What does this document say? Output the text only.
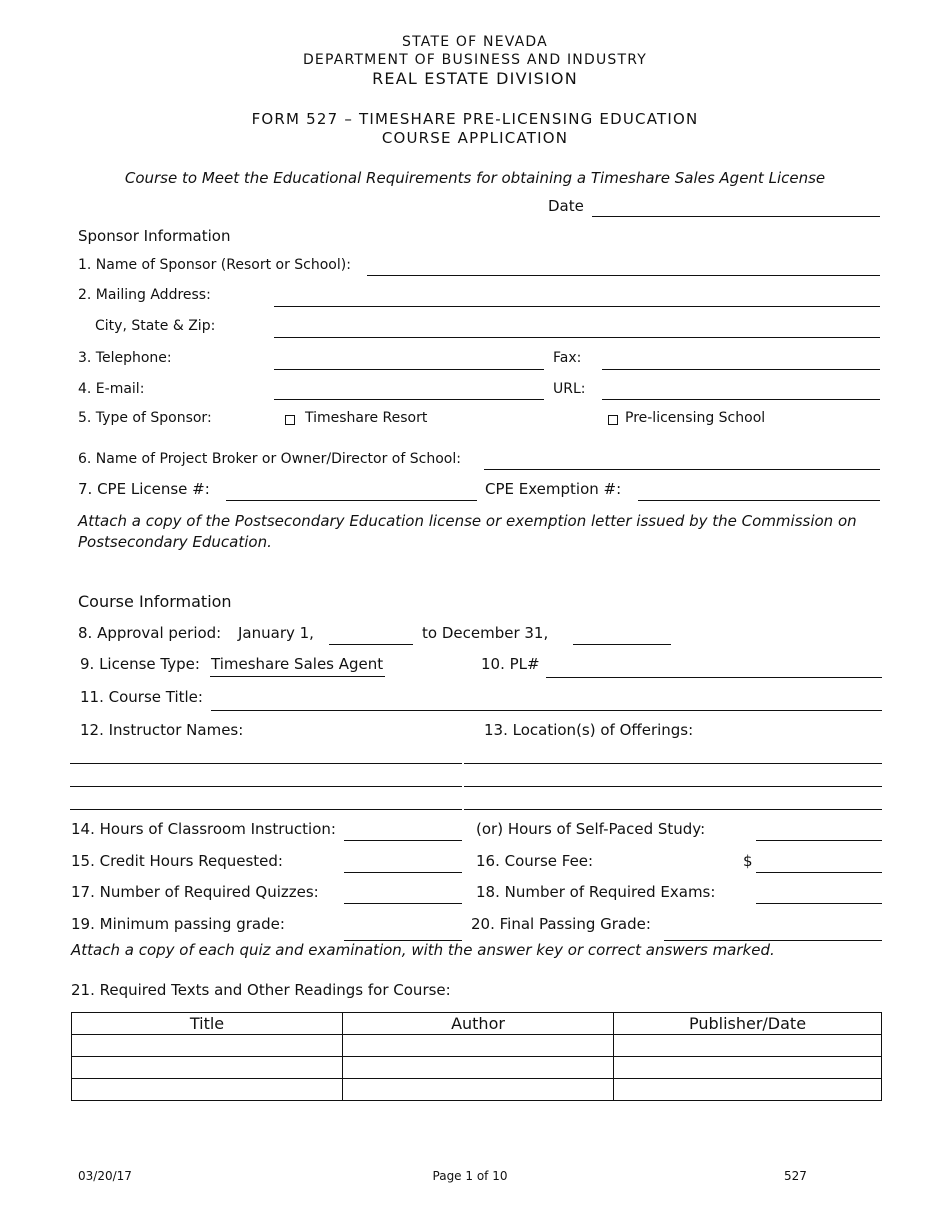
STATE OF NEVADA
DEPARTMENT OF BUSINESS AND INDUSTRY
REAL ESTATE DIVISION
FORM 527 – TIMESHARE PRE-LICENSING EDUCATION
COURSE APPLICATION
Course to Meet the Educational Requirements for obtaining a Timeshare Sales Agent License
Date
Sponsor Information
1. Name of Sponsor (Resort or School):
2. Mailing Address:
City, State & Zip:
3. Telephone:	Fax:
4. E-mail:	URL:
5. Type of Sponsor:	Timeshare Resort	Pre-licensing School
6. Name of Project Broker or Owner/Director of School:
7. CPE License #:	CPE Exemption #:
Attach a copy of the Postsecondary Education license or exemption letter issued by the Commission on Postsecondary Education.
Course Information
8. Approval period: January 1,	to December 31,
9. License Type: Timeshare Sales Agent	10. PL#
11. Course Title:
12. Instructor Names:	13. Location(s) of Offerings:
14. Hours of Classroom Instruction:	(or) Hours of Self-Paced Study:
15. Credit Hours Requested:	16. Course Fee:	$
17. Number of Required Quizzes:	18. Number of Required Exams:
19. Minimum passing grade:	20. Final Passing Grade:
Attach a copy of each quiz and examination, with the answer key or correct answers marked.
21. Required Texts and Other Readings for Course:
Title	Author	Publisher/Date

03/20/17	Page 1 of 10	527
